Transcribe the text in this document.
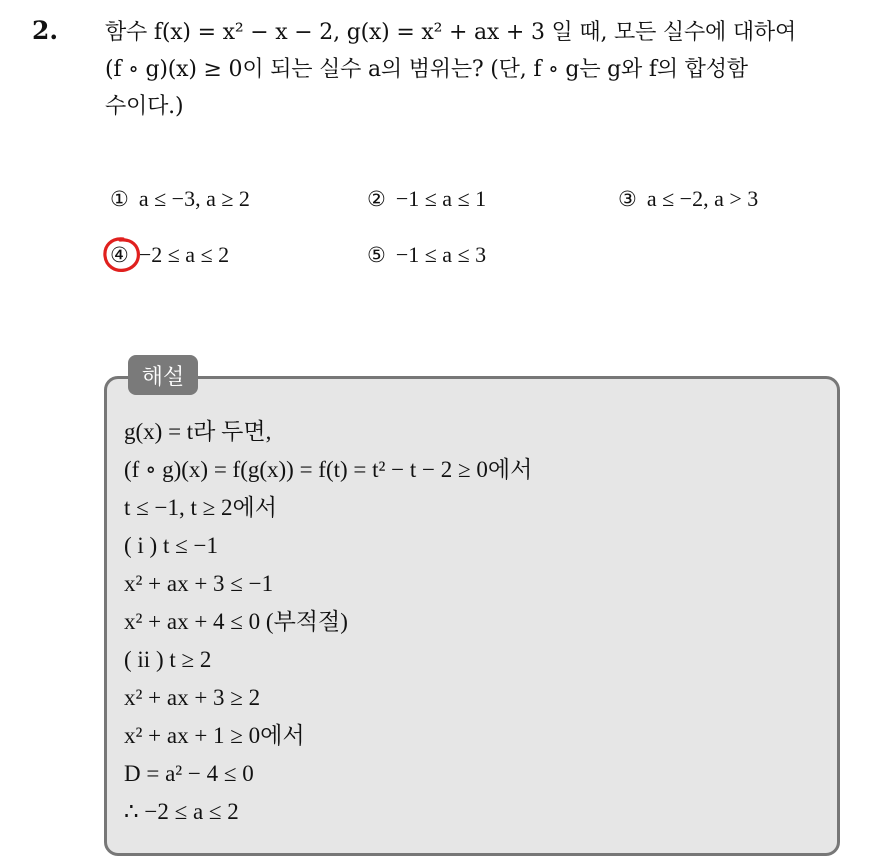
2. 함수 f(x) = x² − x − 2, g(x) = x² + ax + 3 일 때, 모든 실수에 대하여
(f ∘ g)(x) ≥ 0이 되는 실수 a의 범위는? (단, f ∘ g는 g와 f의 합성함
수이다.)
① a ≤ −3, a ≥ 2	② −1 ≤ a ≤ 1	③ a ≤ −2, a > 3
④ −2 ≤ a ≤ 2	⑤ −1 ≤ a ≤ 3
해설
g(x) = t라 두면,
(f ∘ g)(x) = f(g(x)) = f(t) = t² − t − 2 ≥ 0에서
t ≤ −1, t ≥ 2에서
( i ) t ≤ −1
x² + ax + 3 ≤ −1
x² + ax + 4 ≤ 0 (부적절)
( ii ) t ≥ 2
x² + ax + 3 ≥ 2
x² + ax + 1 ≥ 0에서
D = a² − 4 ≤ 0
∴ −2 ≤ a ≤ 2
